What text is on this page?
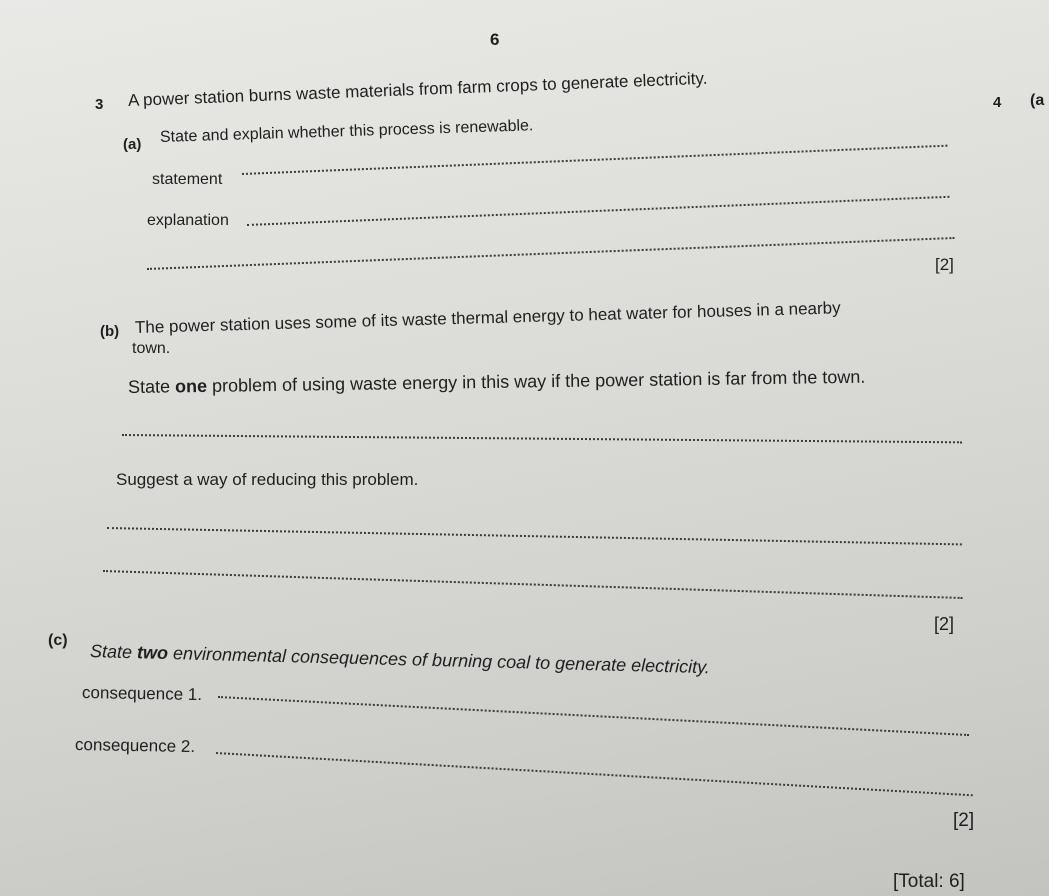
6
4 (a
3 A power station burns waste materials from farm crops to generate electricity.
(a) State and explain whether this process is renewable.
statement
explanation
[2]
(b) The power station uses some of its waste thermal energy to heat water for houses in a nearby
town.
State one problem of using waste energy in this way if the power station is far from the town.
Suggest a way of reducing this problem.
[2]
(c)
State two environmental consequences of burning coal to generate electricity.
consequence 1.
consequence 2.
[2]
[Total: 6]
